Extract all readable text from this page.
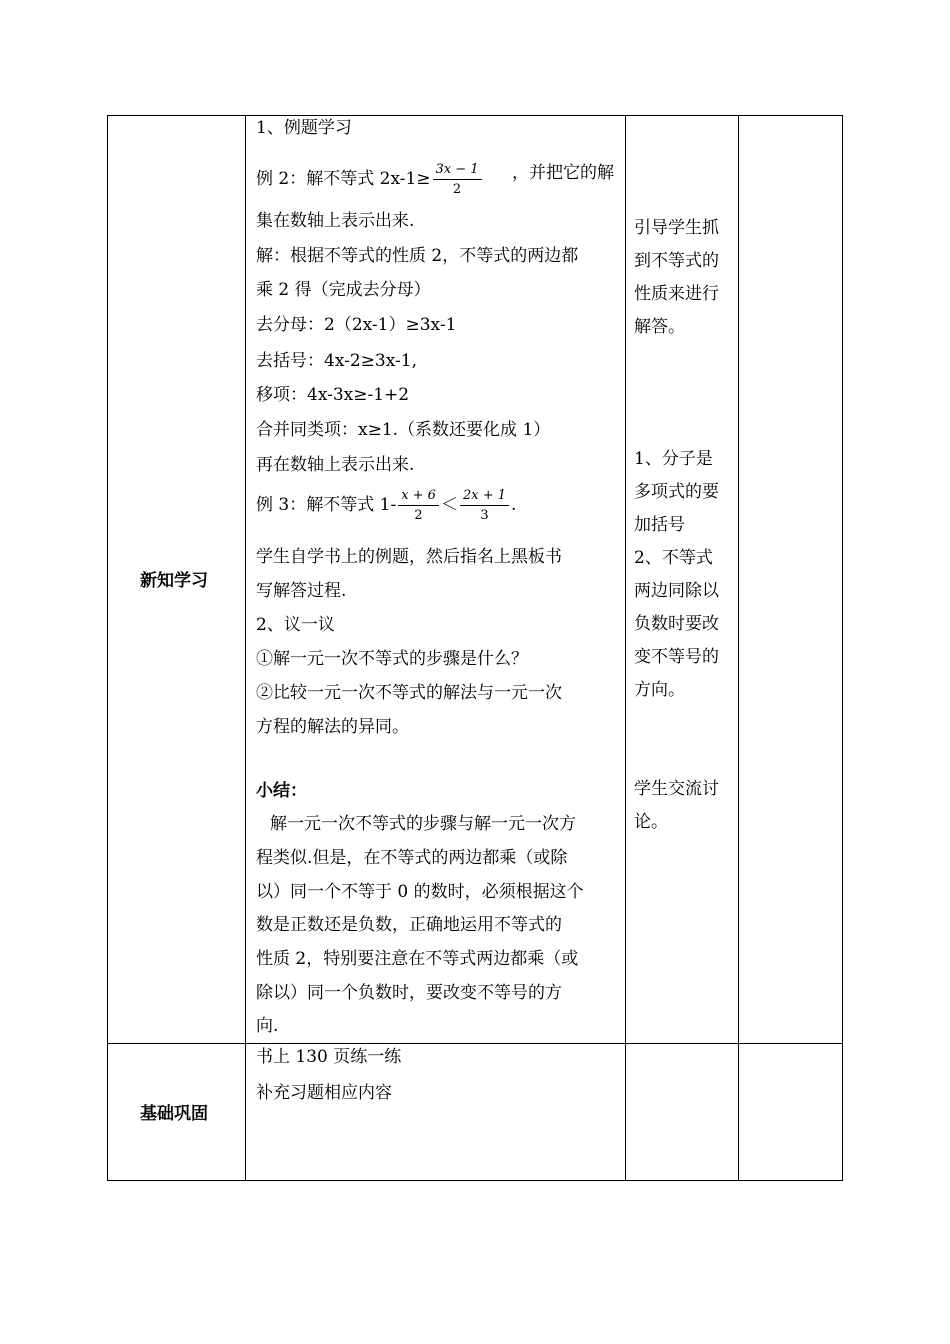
新知学习
1、例题学习
例 2：解不等式 $2x-1\ge \frac{3x - 1}{2}$ ，并把它的解
集在数轴上表示出来.
解：根据不等式的性质 2，不等式的两边都
乘 2 得（完成去分母）
去分母：2（2x-1）≥3x-1
去括号：4x-2≥3x-1,
移项：4x-3x≥-1+2
合并同类项：x≥1.（系数还要化成 1）
再在数轴上表示出来.
例 3：解不等式 $1- \frac{x + 6}{2} < \frac{2x + 1}{3}$ .
学生自学书上的例题，然后指名上黑板书
写解答过程.
2、议一议
①解一元一次不等式的步骤是什么？
②比较一元一次不等式的解法与一元一次
方程的解法的异同。
小结：
解一元一次不等式的步骤与解一元一次方
程类似.但是，在不等式的两边都乘（或除
以）同一个不等于 0 的数时，必须根据这个
数是正数还是负数，正确地运用不等式的
性质 2，特别要注意在不等式两边都乘（或
除以）同一个负数时，要改变不等号的方
向.
引导学生抓
到不等式的
性质来进行
解答。
1、分子是
多项式的要
加括号
2、不等式
两边同除以
负数时要改
变不等号的
方向。
学生交流讨
论。
基础巩固
书上 130 页练一练
补充习题相应内容
